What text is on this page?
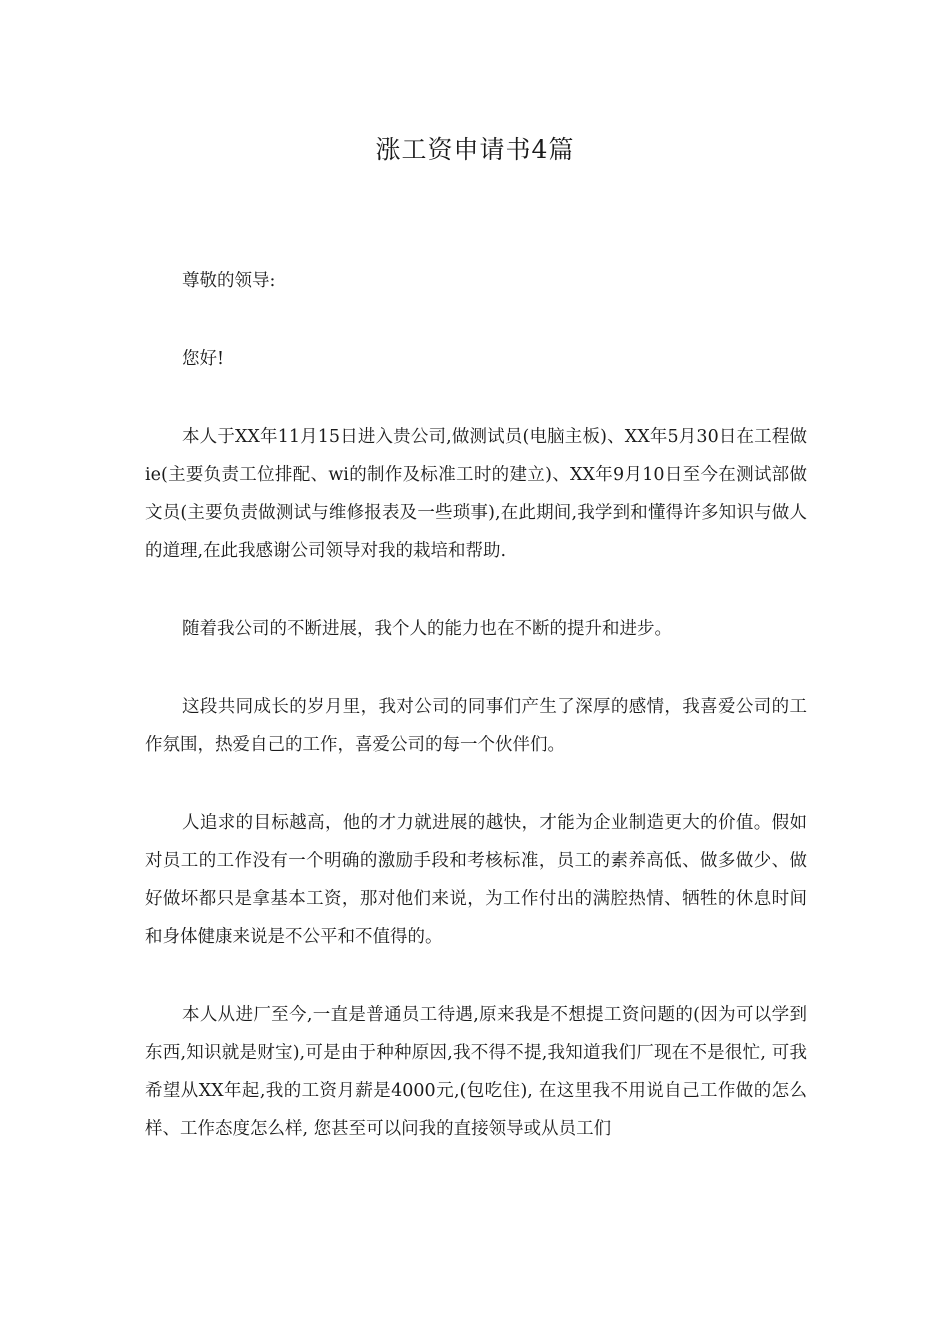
涨工资申请书4篇

尊敬的领导:

您好!

本人于XX年11月15日进入贵公司,做测试员(电脑主板)、XX年5月30日在工程做ie(主要负责工位排配、wi的制作及标准工时的建立)、XX年9月10日至今在测试部做文员(主要负责做测试与维修报表及一些琐事),在此期间,我学到和懂得许多知识与做人的道理,在此我感谢公司领导对我的栽培和帮助.

随着我公司的不断进展，我个人的能力也在不断的提升和进步。

这段共同成长的岁月里，我对公司的同事们产生了深厚的感情，我喜爱公司的工作氛围，热爱自己的工作，喜爱公司的每一个伙伴们。

人追求的目标越高，他的才力就进展的越快，才能为企业制造更大的价值。假如对员工的工作没有一个明确的激励手段和考核标准，员工的素养高低、做多做少、做好做坏都只是拿基本工资，那对他们来说，为工作付出的满腔热情、牺牲的休息时间和身体健康来说是不公平和不值得的。

本人从进厂至今,一直是普通员工待遇,原来我是不想提工资问题的(因为可以学到东西,知识就是财宝),可是由于种种原因,我不得不提,我知道我们厂现在不是很忙, 可我希望从XX年起,我的工资月薪是4000元,(包吃住), 在这里我不用说自己工作做的怎么样、工作态度怎么样, 您甚至可以问我的直接领导或从员工们
